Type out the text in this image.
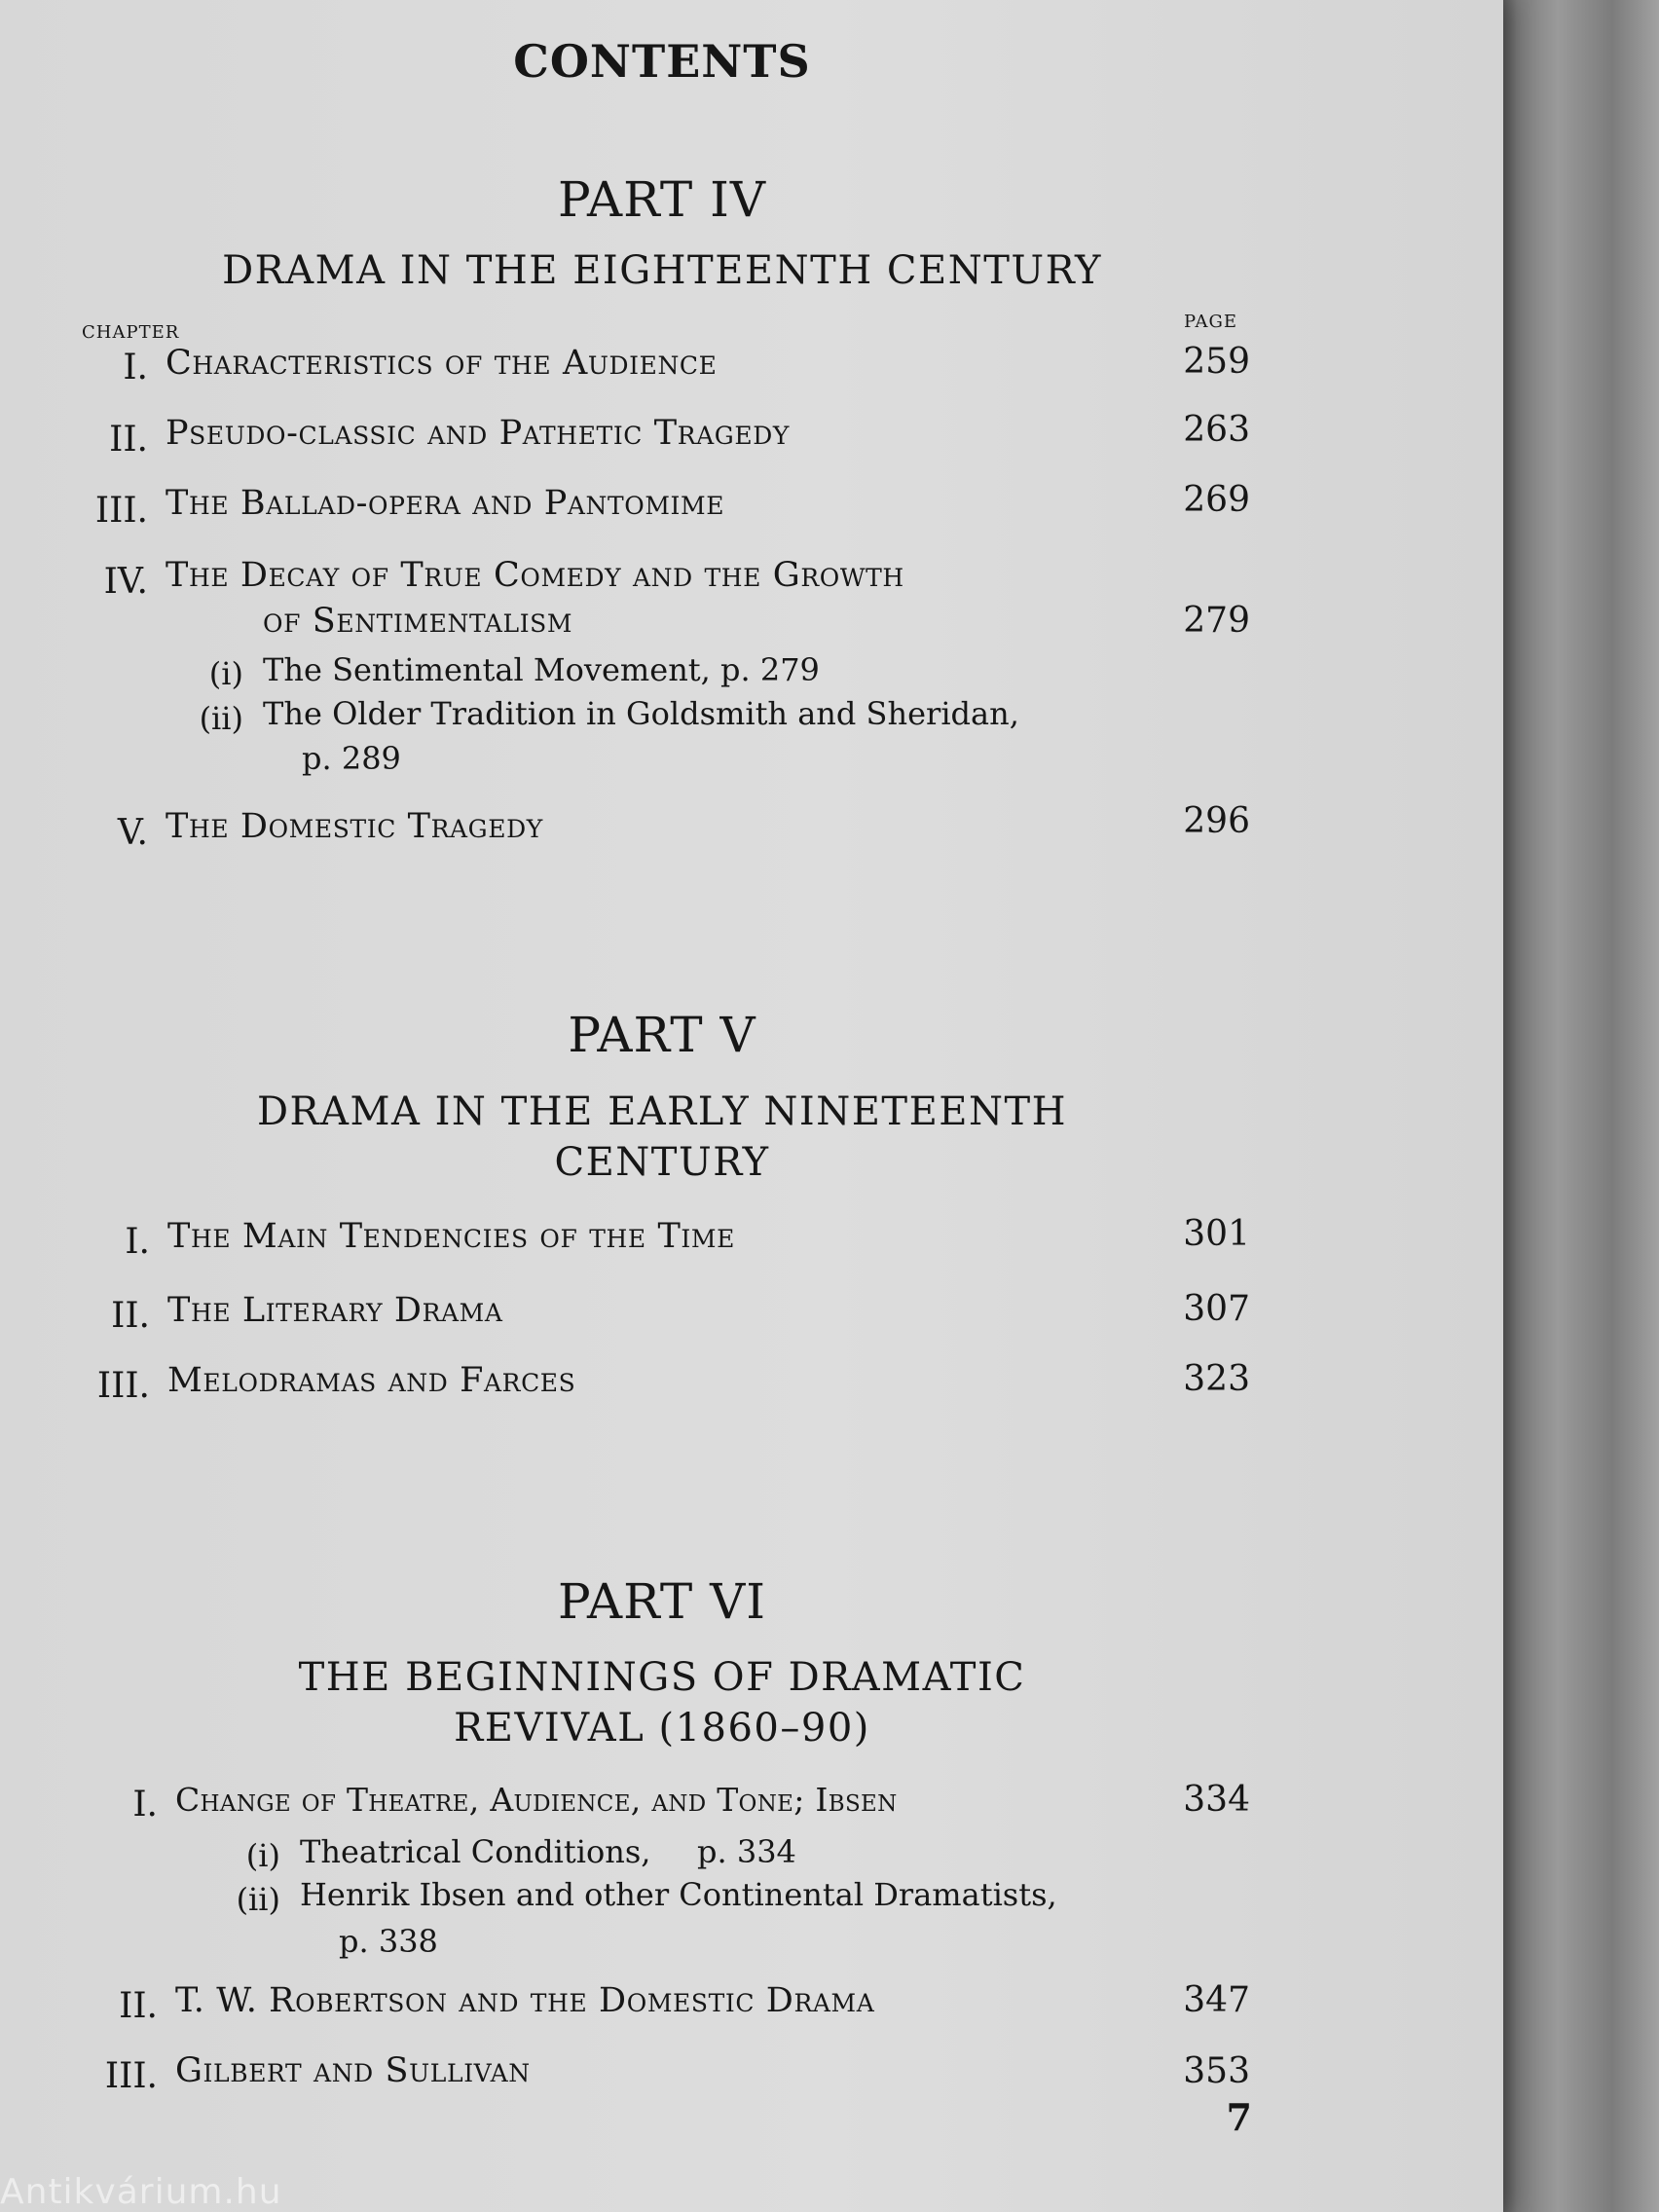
CONTENTS
PART IV
DRAMA IN THE EIGHTEENTH CENTURY
CHAPTER
PAGE
I. Characteristics of the Audience	259
II. Pseudo-classic and Pathetic Tragedy	263
III. The Ballad-opera and Pantomime	269
IV. The Decay of True Comedy and the Growth
of Sentimentalism	279
(i) The Sentimental Movement, p. 279
(ii) The Older Tradition in Goldsmith and Sheridan,
p. 289
V. The Domestic Tragedy	296
PART V
DRAMA IN THE EARLY NINETEENTH
CENTURY
I. The Main Tendencies of the Time	301
II. The Literary Drama	307
III. Melodramas and Farces	323
PART VI
THE BEGINNINGS OF DRAMATIC
REVIVAL (1860–90)
I. Change of Theatre, Audience, and Tone; Ibsen	334
(i) Theatrical Conditions, p. 334
(ii) Henrik Ibsen and other Continental Dramatists,
p. 338
II. T. W. Robertson and the Domestic Drama	347
III. Gilbert and Sullivan	353
7
Antikvárium.hu
